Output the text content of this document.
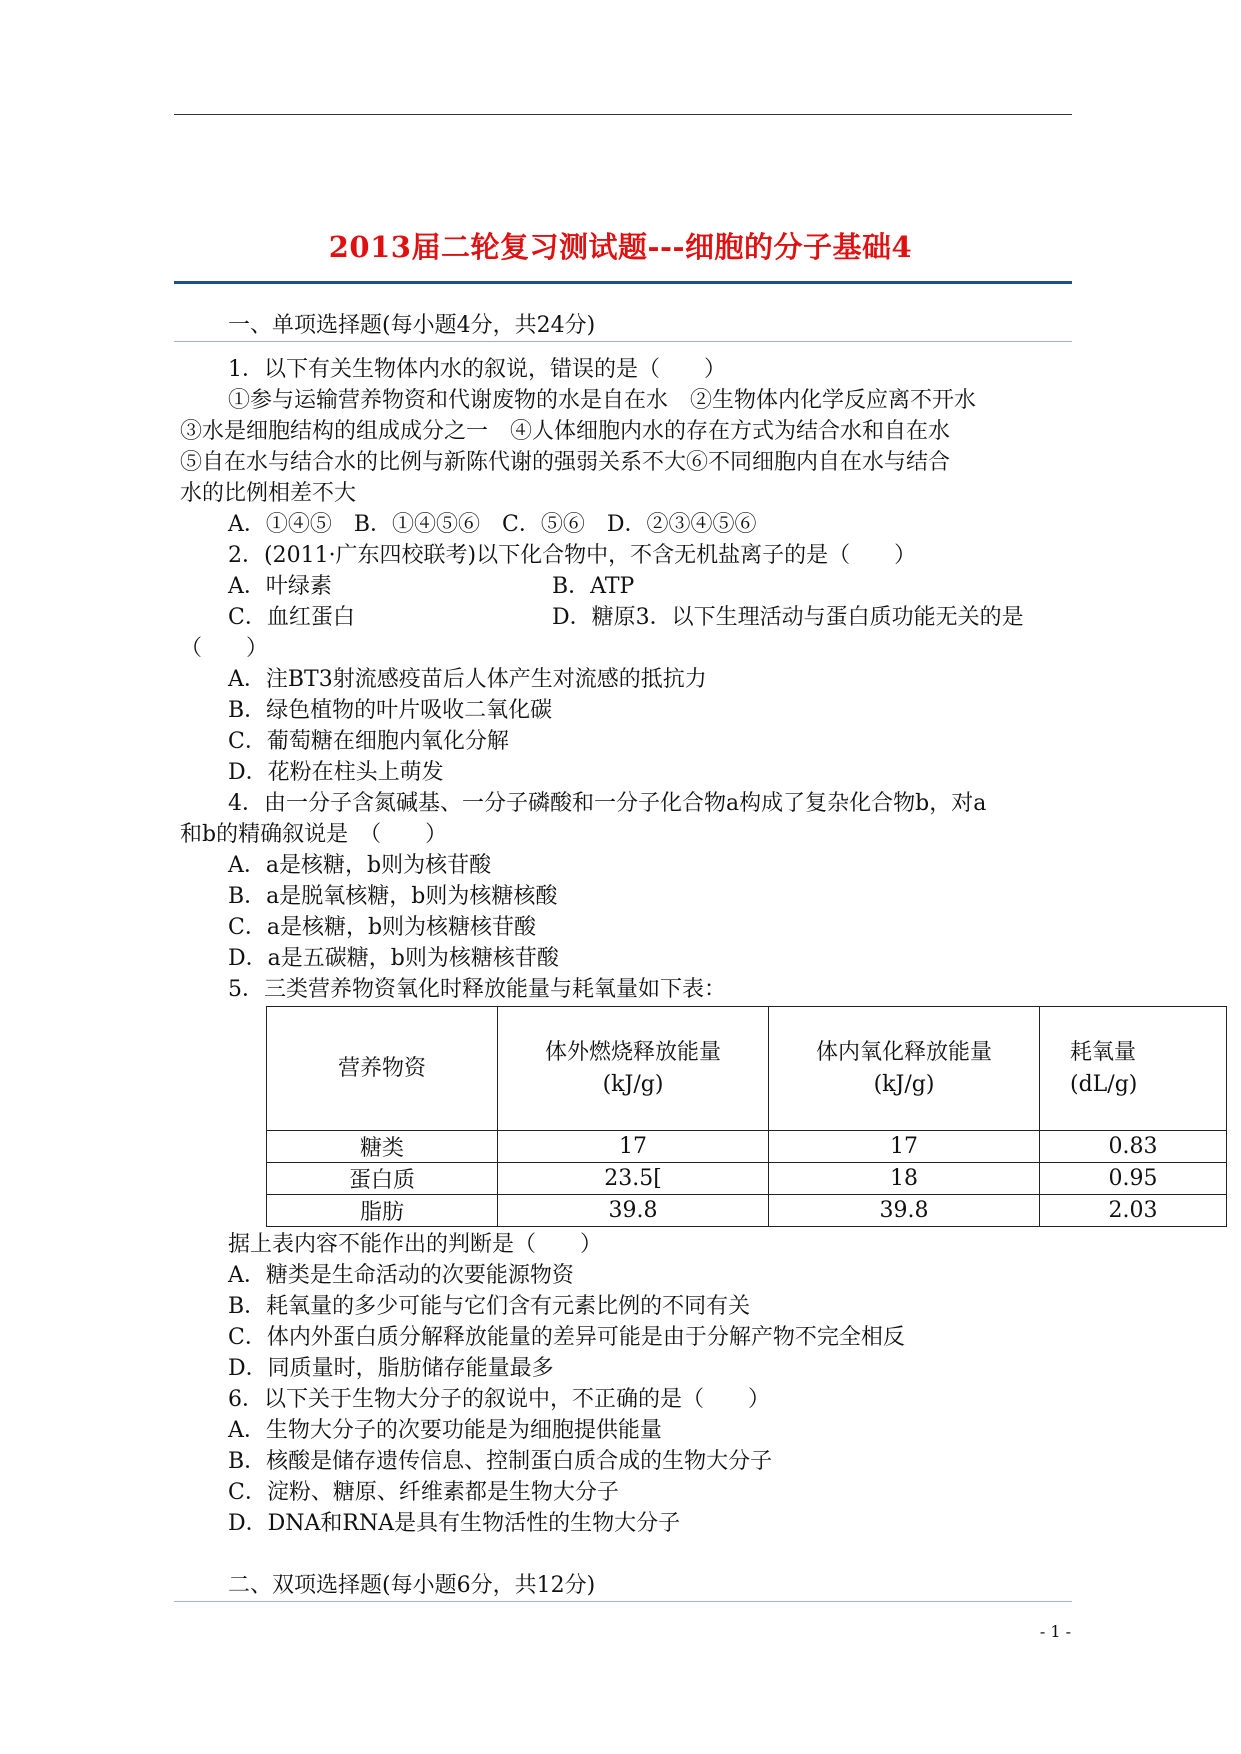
2013届二轮复习测试题---细胞的分子基础4
一、单项选择题(每小题4分，共24分)
1．以下有关生物体内水的叙说，错误的是（　　）
①参与运输营养物资和代谢废物的水是自在水　②生物体内化学反应离不开水
③水是细胞结构的组成成分之一　④人体细胞内水的存在方式为结合水和自在水
⑤自在水与结合水的比例与新陈代谢的强弱关系不大⑥不同细胞内自在水与结合
水的比例相差不大
A．①④⑤　B．①④⑤⑥　C．⑤⑥　D．②③④⑤⑥
2．(2011·广东四校联考)以下化合物中，不含无机盐离子的是（　　）
A．叶绿素	B．ATP
C．血红蛋白	D．糖原3．以下生理活动与蛋白质功能无关的是
（　　）
A．注BT3射流感疫苗后人体产生对流感的抵抗力
B．绿色植物的叶片吸收二氧化碳
C．葡萄糖在细胞内氧化分解
D．花粉在柱头上萌发
4．由一分子含氮碱基、一分子磷酸和一分子化合物a构成了复杂化合物b，对a
和b的精确叙说是　（　　）
A．a是核糖，b则为核苷酸
B．a是脱氧核糖，b则为核糖核酸
C．a是核糖，b则为核糖核苷酸
D．a是五碳糖，b则为核糖核苷酸
5．三类营养物资氧化时释放能量与耗氧量如下表：
营养物资	体外燃烧释放能量(kJ/g)	体内氧化释放能量(kJ/g)	耗氧量(dL/g)
糖类	17	17	0.83
蛋白质	23.5[	18	0.95
脂肪	39.8	39.8	2.03
据上表内容不能作出的判断是（　　）
A．糖类是生命活动的次要能源物资
B．耗氧量的多少可能与它们含有元素比例的不同有关
C．体内外蛋白质分解释放能量的差异可能是由于分解产物不完全相反
D．同质量时，脂肪储存能量最多
6．以下关于生物大分子的叙说中，不正确的是（　　）
A．生物大分子的次要功能是为细胞提供能量
B．核酸是储存遗传信息、控制蛋白质合成的生物大分子
C．淀粉、糖原、纤维素都是生物大分子
D．DNA和RNA是具有生物活性的生物大分子
二、双项选择题(每小题6分，共12分)
- 1 -
